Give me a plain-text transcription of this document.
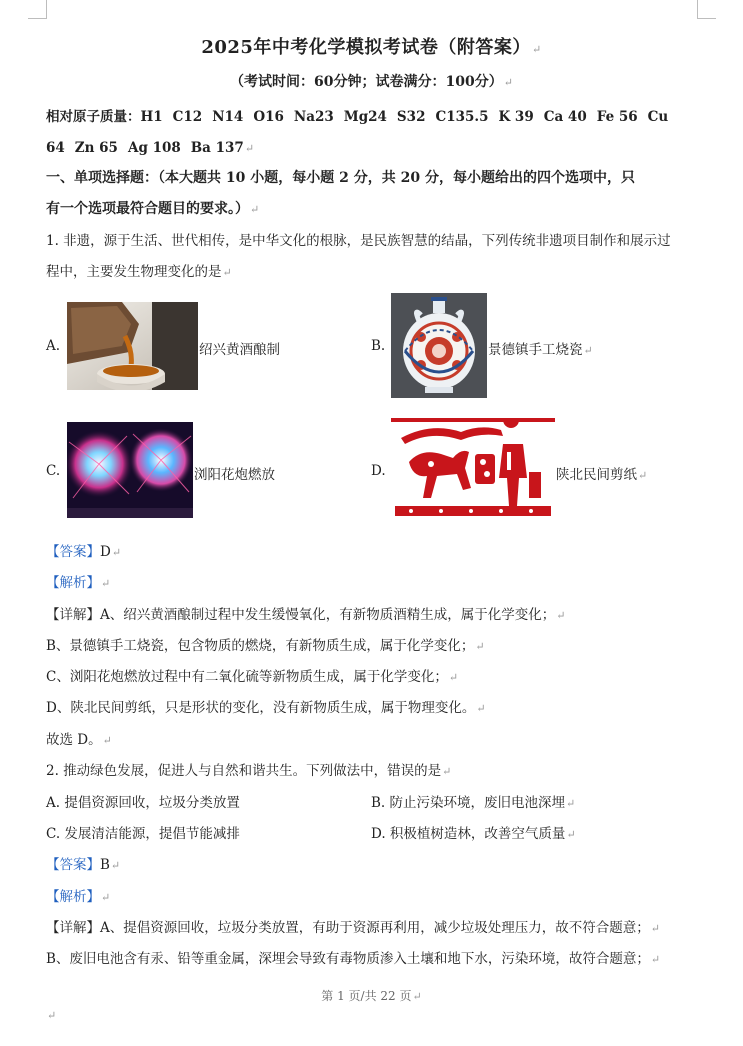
2025年中考化学模拟考试卷（附答案）↵
（考试时间：60分钟；试卷满分：100分）↵
相对原子质量：H1 C12 N14 O16 Na23 Mg24 S32 C135.5 K 39 Ca 40 Fe 56 Cu 64 Zn 65 Ag 108 Ba 137↵
一、单项选择题：（本大题共 10 小题，每小题 2 分，共 20 分，每小题给出的四个选项中，只
有一个选项最符合题目的要求。）↵
1. 非遗，源于生活、世代相传，是中华文化的根脉，是民族智慧的结晶，下列传统非遗项目制作和展示过
程中，主要发生物理变化的是↵
A.	绍兴黄酒酿制	B.	景德镇手工烧瓷↵
C.	浏阳花炮燃放	D.	陕北民间剪纸↵
【答案】D↵
【解析】↵
【详解】A、绍兴黄酒酿制过程中发生缓慢氧化，有新物质酒精生成，属于化学变化；↵
B、景德镇手工烧瓷，包含物质的燃烧，有新物质生成，属于化学变化；↵
C、浏阳花炮燃放过程中有二氧化硫等新物质生成，属于化学变化；↵
D、陕北民间剪纸，只是形状的变化，没有新物质生成，属于物理变化。↵
故选 D。↵
2. 推动绿色发展，促进人与自然和谐共生。下列做法中，错误的是↵
A. 提倡资源回收，垃圾分类放置	B. 防止污染环境，废旧电池深埋↵
C. 发展清洁能源，提倡节能减排	D. 积极植树造林，改善空气质量↵
【答案】B↵
【解析】↵
【详解】A、提倡资源回收，垃圾分类放置，有助于资源再利用，减少垃圾处理压力，故不符合题意；↵
B、废旧电池含有汞、铅等重金属，深埋会导致有毒物质渗入土壤和地下水，污染环境，故符合题意；↵
第 1 页/共 22 页↵
↵
